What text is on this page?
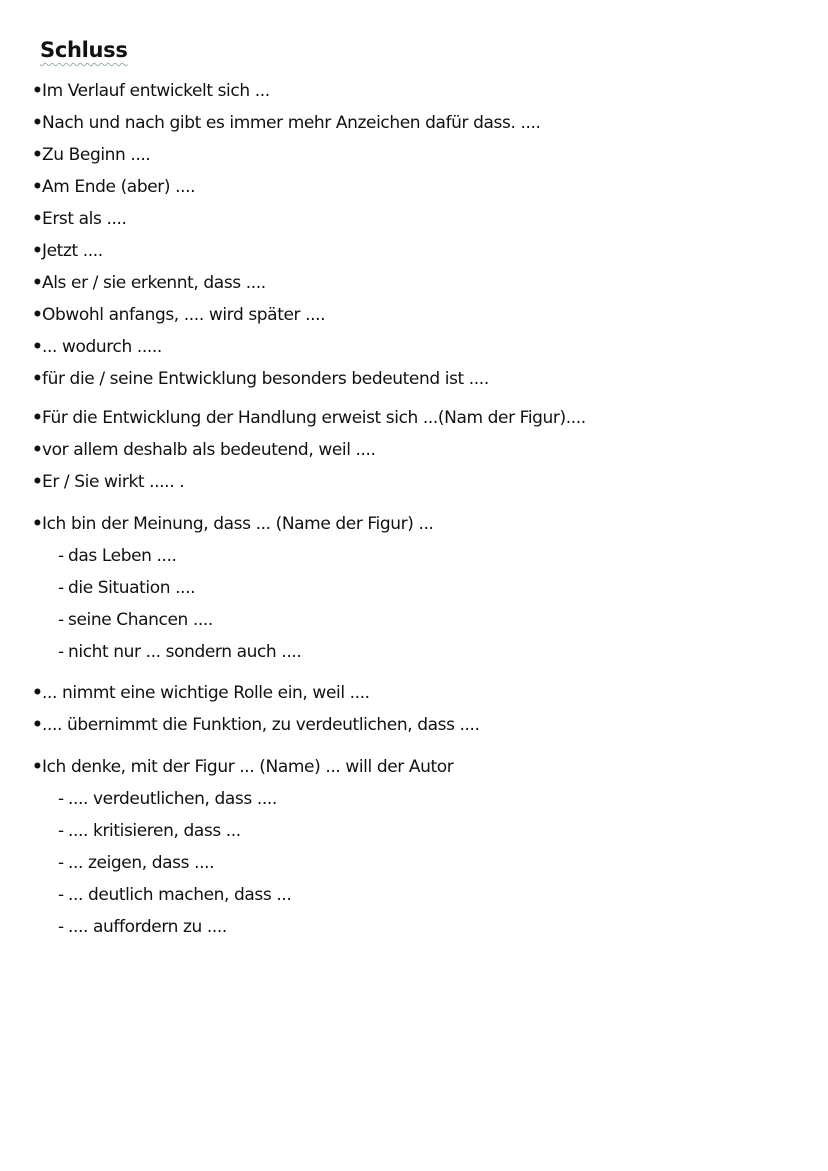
Schluss
•Im Verlauf entwickelt sich ...
•Nach und nach gibt es immer mehr Anzeichen dafür dass. ....
•Zu Beginn ....
•Am Ende (aber) ....
•Erst als ....
•Jetzt ....
•Als er / sie erkennt, dass ....
•Obwohl anfangs, .... wird später ....
•... wodurch .....
•für die / seine Entwicklung besonders bedeutend ist ....
•Für die Entwicklung der Handlung erweist sich ...(Nam der Figur)....
•vor allem deshalb als bedeutend, weil ....
•Er / Sie wirkt ..... .
•Ich bin der Meinung, dass ... (Name der Figur) ...
- das Leben ....
- die Situation ....
- seine Chancen ....
- nicht nur ... sondern auch ....
•... nimmt eine wichtige Rolle ein, weil ....
•.... übernimmt die Funktion, zu verdeutlichen, dass ....
•Ich denke, mit der Figur ... (Name) ... will der Autor
- .... verdeutlichen, dass ....
- .... kritisieren, dass ...
- ... zeigen, dass ....
- ... deutlich machen, dass ...
- .... auffordern zu ....
